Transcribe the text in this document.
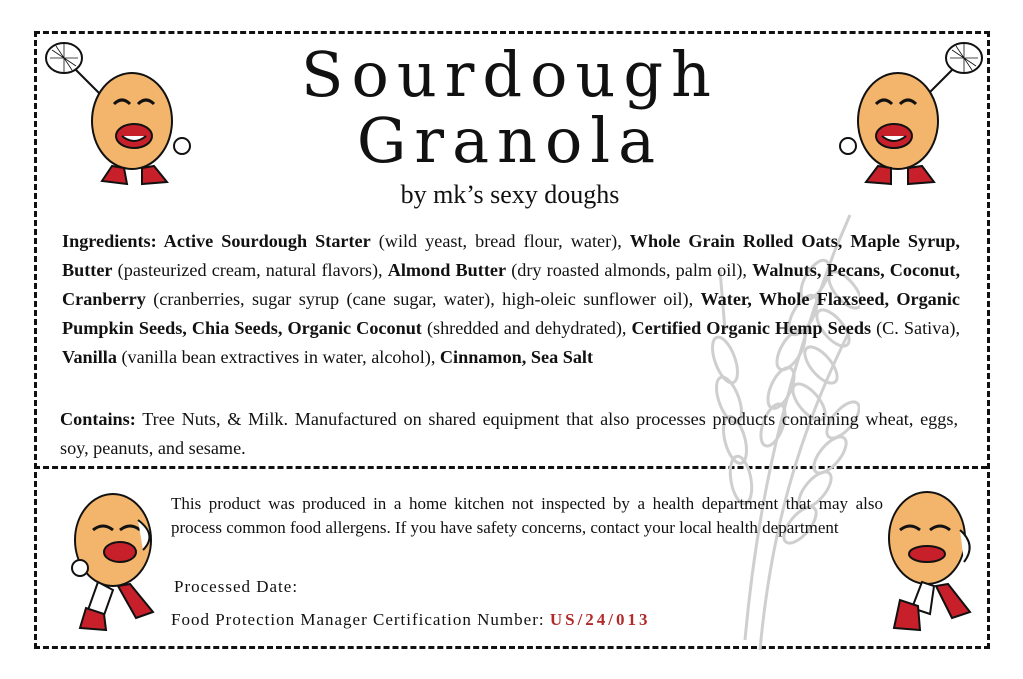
Sourdough
Granola
by mk’s sexy doughs
Ingredients: Active Sourdough Starter (wild yeast, bread flour, water), Whole Grain Rolled Oats, Maple Syrup, Butter (pasteurized cream, natural flavors), Almond Butter (dry roasted almonds, palm oil), Walnuts, Pecans, Coconut, Cranberry (cranberries, sugar syrup (cane sugar, water), high-oleic sunflower oil), Water, Whole Flaxseed, Organic Pumpkin Seeds, Chia Seeds, Organic Coconut (shredded and dehydrated), Certified Organic Hemp Seeds (C. Sativa), Vanilla (vanilla bean extractives in water, alcohol), Cinnamon, Sea Salt
Contains: Tree Nuts, & Milk. Manufactured on shared equipment that also processes products containing wheat, eggs, soy, peanuts, and sesame.
This product was produced in a home kitchen not inspected by a health department that may also process common food allergens. If you have safety concerns, contact your local health department
Processed Date:
Food Protection Manager Certification Number: US/24/013
